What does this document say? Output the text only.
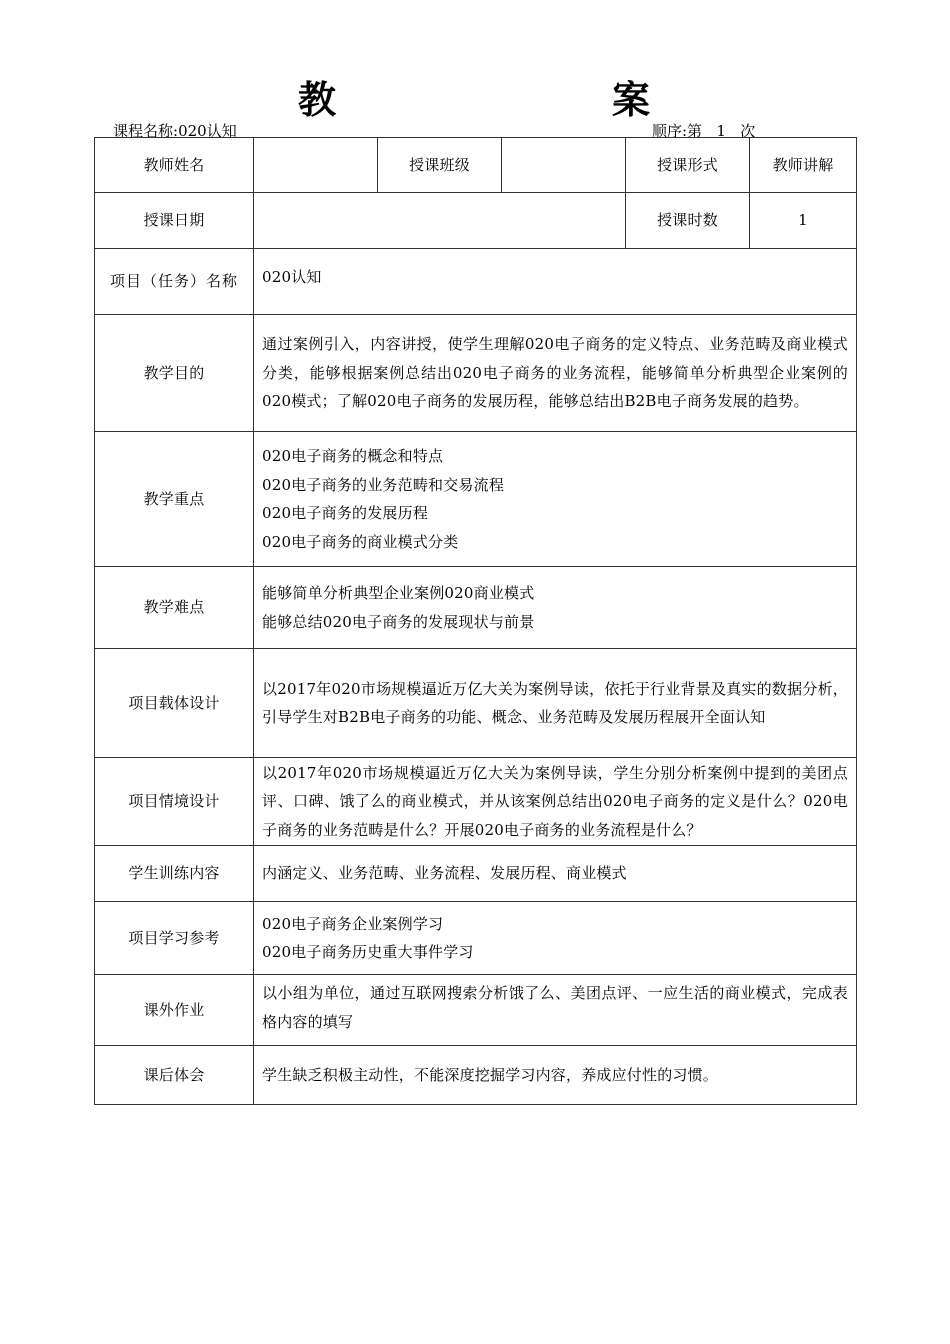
教	案
课程名称:020认知	顺序:第 1 次
教师姓名		授课班级		授课形式	教师讲解
授课日期				授课时数	1
项目（任务）名称	020认知				
教学目的	通过案例引入，内容讲授，使学生理解020电子商务的定义特点、业务范畴及商业模式分类，能够根据案例总结出020电子商务的业务流程，能够简单分析典型企业案例的020模式；了解020电子商务的发展历程，能够总结出B2B电子商务发展的趋势。				
教学重点	020电子商务的概念和特点
020电子商务的业务范畴和交易流程
020电子商务的发展历程
020电子商务的商业模式分类				

教学难点	能够简单分析典型企业案例020商业模式
能够总结020电子商务的发展现状与前景				

项目载体设计	以2017年020市场规模逼近万亿大关为案例导读，依托于行业背景及真实的数据分析，引导学生对B2B电子商务的功能、概念、业务范畴及发展历程展开全面认知				
项目情境设计	以2017年020市场规模逼近万亿大关为案例导读，学生分别分析案例中提到的美团点评、口碑、饿了么的商业模式，并从该案例总结出020电子商务的定义是什么？020电子商务的业务范畴是什么？开展020电子商务的业务流程是什么？				
学生训练内容	内涵定义、业务范畴、业务流程、发展历程、商业模式				
项目学习参考	020电子商务企业案例学习
020电子商务历史重大事件学习				

课外作业	以小组为单位，通过互联网搜索分析饿了么、美团点评、一应生活的商业模式，完成表格内容的填写				
课后体会	学生缺乏积极主动性，不能深度挖掘学习内容，养成应付性的习惯。				
